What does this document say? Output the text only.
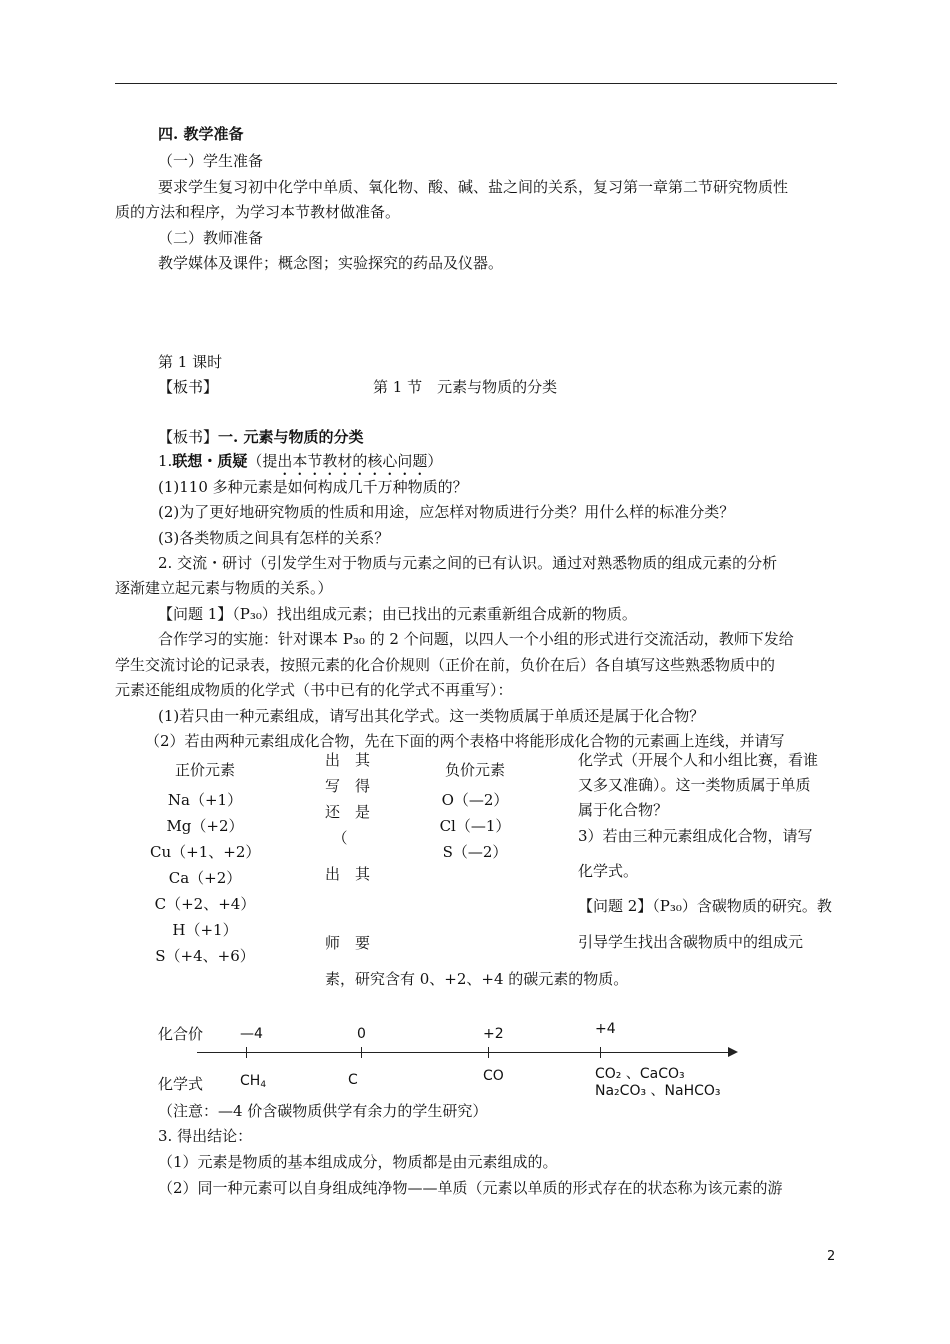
四. 教学准备
（一）学生准备
要求学生复习初中化学中单质、氧化物、酸、碱、盐之间的关系，复习第一章第二节研究物质性
质的方法和程序，为学习本节教材做准备。
（二）教师准备
教学媒体及课件；概念图；实验探究的药品及仪器。
第 1 课时
【板书】	第 1 节　元素与物质的分类
【板书】一. 元素与物质的分类
1.联想・质疑（提出本节教材的核心问题）
(1)110 多种元素是如何构成几千万种物质的？
(2)为了更好地研究物质的性质和用途，应怎样对物质进行分类？用什么样的标准分类？
(3)各类物质之间具有怎样的关系？
2. 交流・研讨（引发学生对于物质与元素之间的已有认识。通过对熟悉物质的组成元素的分析
逐渐建立起元素与物质的关系。）
【问题 1】（P₃₀）找出组成元素；由已找出的元素重新组合成新的物质。
合作学习的实施：针对课本 P₃₀ 的 2 个问题，以四人一个小组的形式进行交流活动，教师下发给
学生交流讨论的记录表，按照元素的化合价规则（正价在前，负价在后）各自填写这些熟悉物质中的
元素还能组成物质的化学式（书中已有的化学式不再重写）：
(1)若只由一种元素组成，请写出其化学式。这一类物质属于单质还是属于化合物？
（2）若由两种元素组成化合物，先在下面的两个表格中将能形成化合物的元素画上连线，并请写
正价元素
Na（+1）
Mg（+2）
Cu（+1、+2）
Ca（+2）
C（+2、+4）
H（+1）
S（+4、+6）
出　其
写　得
还　是
　（
出　其
师　要
负价元素
O（—2）
Cl（—1）
S（—2）
化学式（开展个人和小组比赛，看谁
又多又准确）。这一类物质属于单质
属于化合物？
3）若由三种元素组成化合物，请写
化学式。
【问题 2】（P₃₀）含碳物质的研究。教
引导学生找出含碳物质中的组成元
素，研究含有 0、+2、+4 的碳元素的物质。
化合价	—4	0	+2	+4
化学式	$CH_4$	C	CO	CO₂ 、CaCO₃
Na₂CO₃ 、NaHCO₃
（注意：—4 价含碳物质供学有余力的学生研究）
3. 得出结论：
（1）元素是物质的基本组成成分，物质都是由元素组成的。
（2）同一种元素可以自身组成纯净物——单质（元素以单质的形式存在的状态称为该元素的游
2
